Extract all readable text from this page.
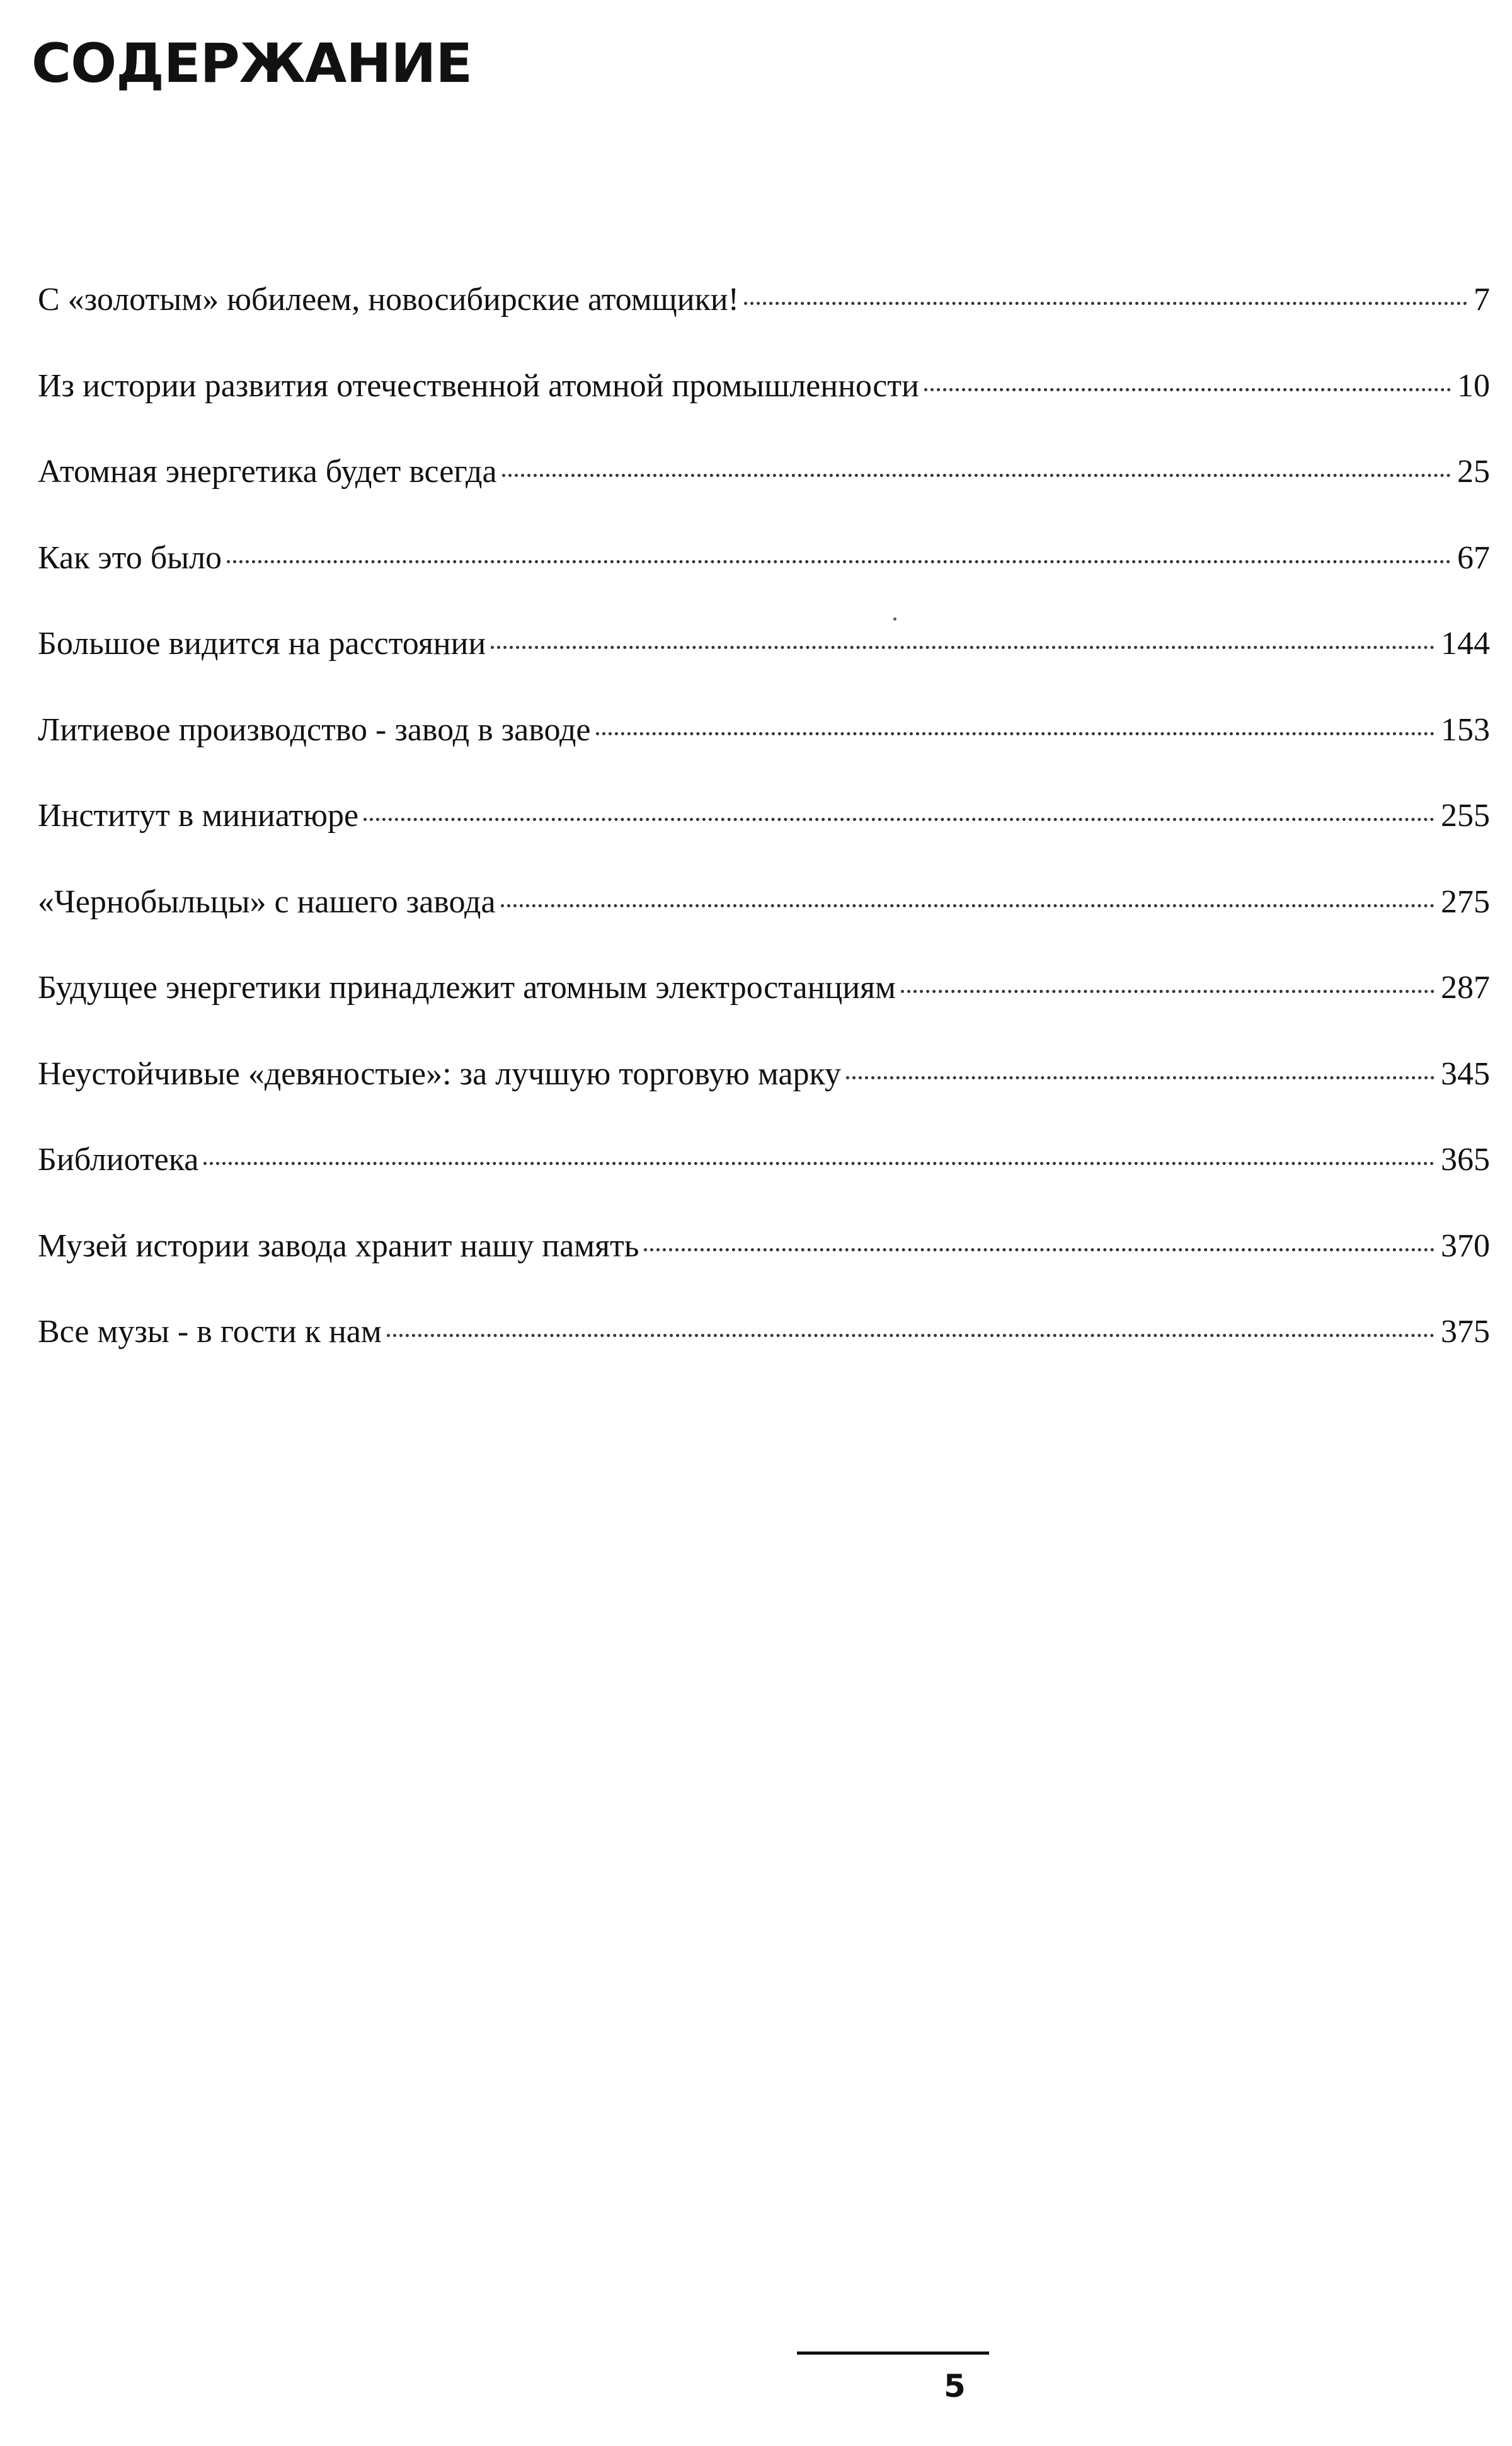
СОДЕРЖАНИЕ
С «золотым» юбилеем, новосибирские атомщики!	7
Из истории развития отечественной атомной промышленности	10
Атомная энергетика будет всегда	25
Как это было	67
Большое видится на расстоянии	144
Литиевое производство - завод в заводе	153
Институт в миниатюре	255
«Чернобыльцы» с нашего завода	275
Будущее энергетики принадлежит атомным электростанциям	287
Неустойчивые «девяностые»: за лучшую торговую марку	345
Библиотека	365
Музей истории завода хранит нашу память	370
Все музы - в гости к нам	375
5
